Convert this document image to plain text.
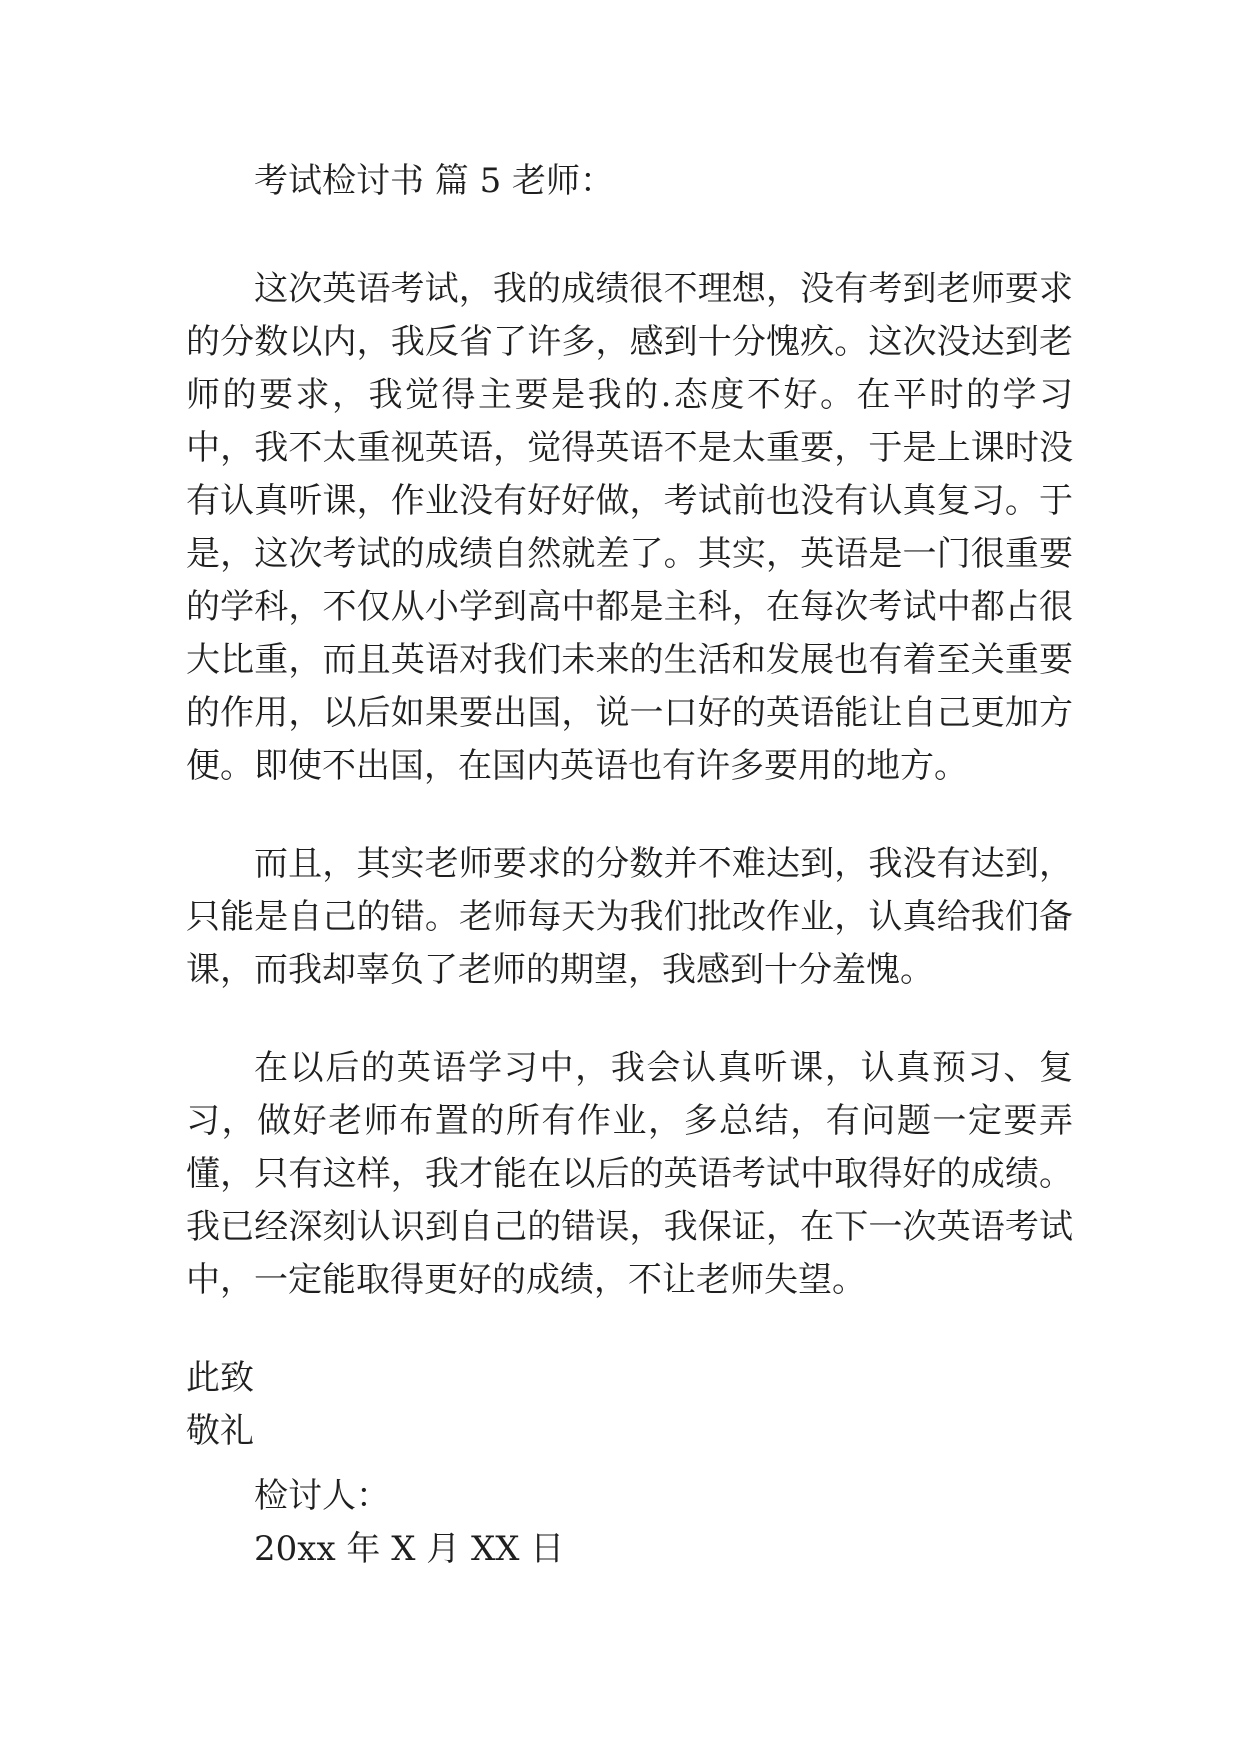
考试检讨书 篇 5 老师：

这次英语考试，我的成绩很不理想，没有考到老师要求的分数以内，我反省了许多，感到十分愧疚。这次没达到老师的要求，我觉得主要是我的.态度不好。在平时的学习中，我不太重视英语，觉得英语不是太重要，于是上课时没有认真听课，作业没有好好做，考试前也没有认真复习。于是，这次考试的成绩自然就差了。其实，英语是一门很重要的学科，不仅从小学到高中都是主科，在每次考试中都占很大比重，而且英语对我们未来的生活和发展也有着至关重要的作用，以后如果要出国，说一口好的英语能让自己更加方便。即使不出国，在国内英语也有许多要用的地方。

而且，其实老师要求的分数并不难达到，我没有达到，只能是自己的错。老师每天为我们批改作业，认真给我们备课，而我却辜负了老师的期望，我感到十分羞愧。

在以后的英语学习中，我会认真听课，认真预习、复习，做好老师布置的所有作业，多总结，有问题一定要弄懂，只有这样，我才能在以后的英语考试中取得好的成绩。我已经深刻认识到自己的错误，我保证，在下一次英语考试中，一定能取得更好的成绩，不让老师失望。

此致

敬礼

检讨人：

20xx 年 X 月 XX 日
